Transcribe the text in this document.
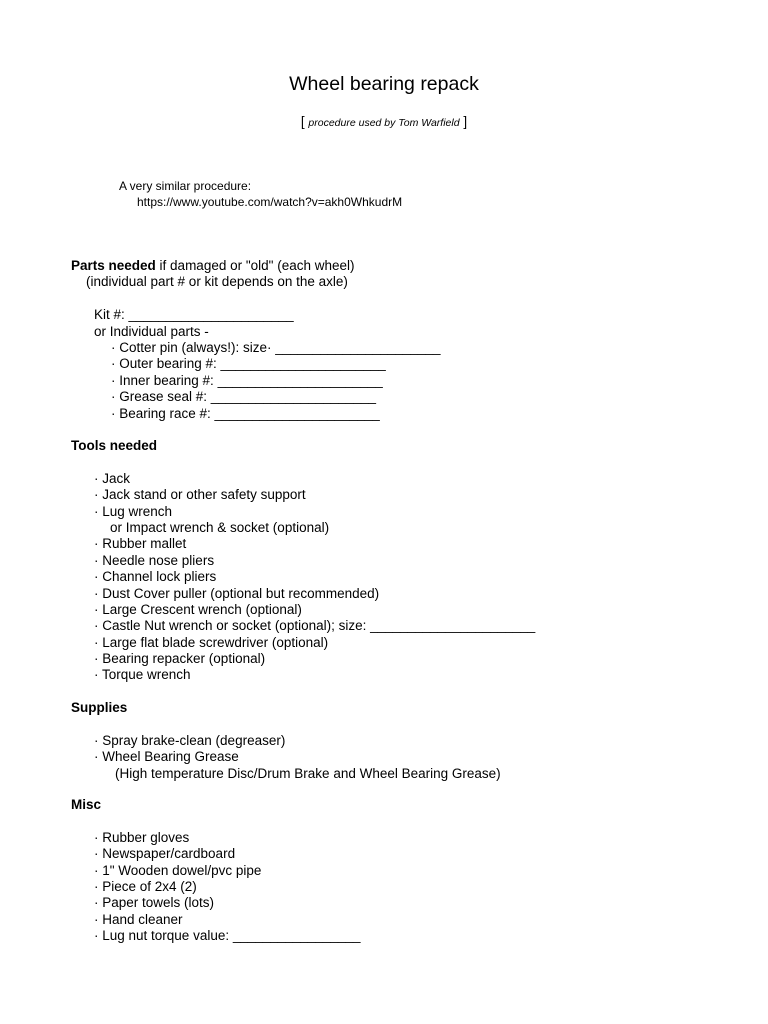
Wheel bearing repack
[ procedure used by Tom Warfield ]
A very similar procedure:
https://www.youtube.com/watch?v=akh0WhkudrM
Parts needed if damaged or "old" (each wheel)
(individual part # or kit depends on the axle)
Kit #: ______________________
or Individual parts -
· Cotter pin (always!): size· ______________________
· Outer bearing #: ______________________
· Inner bearing #: ______________________
· Grease seal #: ______________________
· Bearing race #: ______________________
Tools needed
· Jack
· Jack stand or other safety support
· Lug wrench
or Impact wrench & socket (optional)
· Rubber mallet
· Needle nose pliers
· Channel lock pliers
· Dust Cover puller (optional but recommended)
· Large Crescent wrench (optional)
· Castle Nut wrench or socket (optional); size: ______________________
· Large flat blade screwdriver (optional)
· Bearing repacker (optional)
· Torque wrench
Supplies
· Spray brake-clean (degreaser)
· Wheel Bearing Grease
(High temperature Disc/Drum Brake and Wheel Bearing Grease)
Misc
· Rubber gloves
· Newspaper/cardboard
· 1" Wooden dowel/pvc pipe
· Piece of 2x4 (2)
· Paper towels (lots)
· Hand cleaner
· Lug nut torque value: _________________
